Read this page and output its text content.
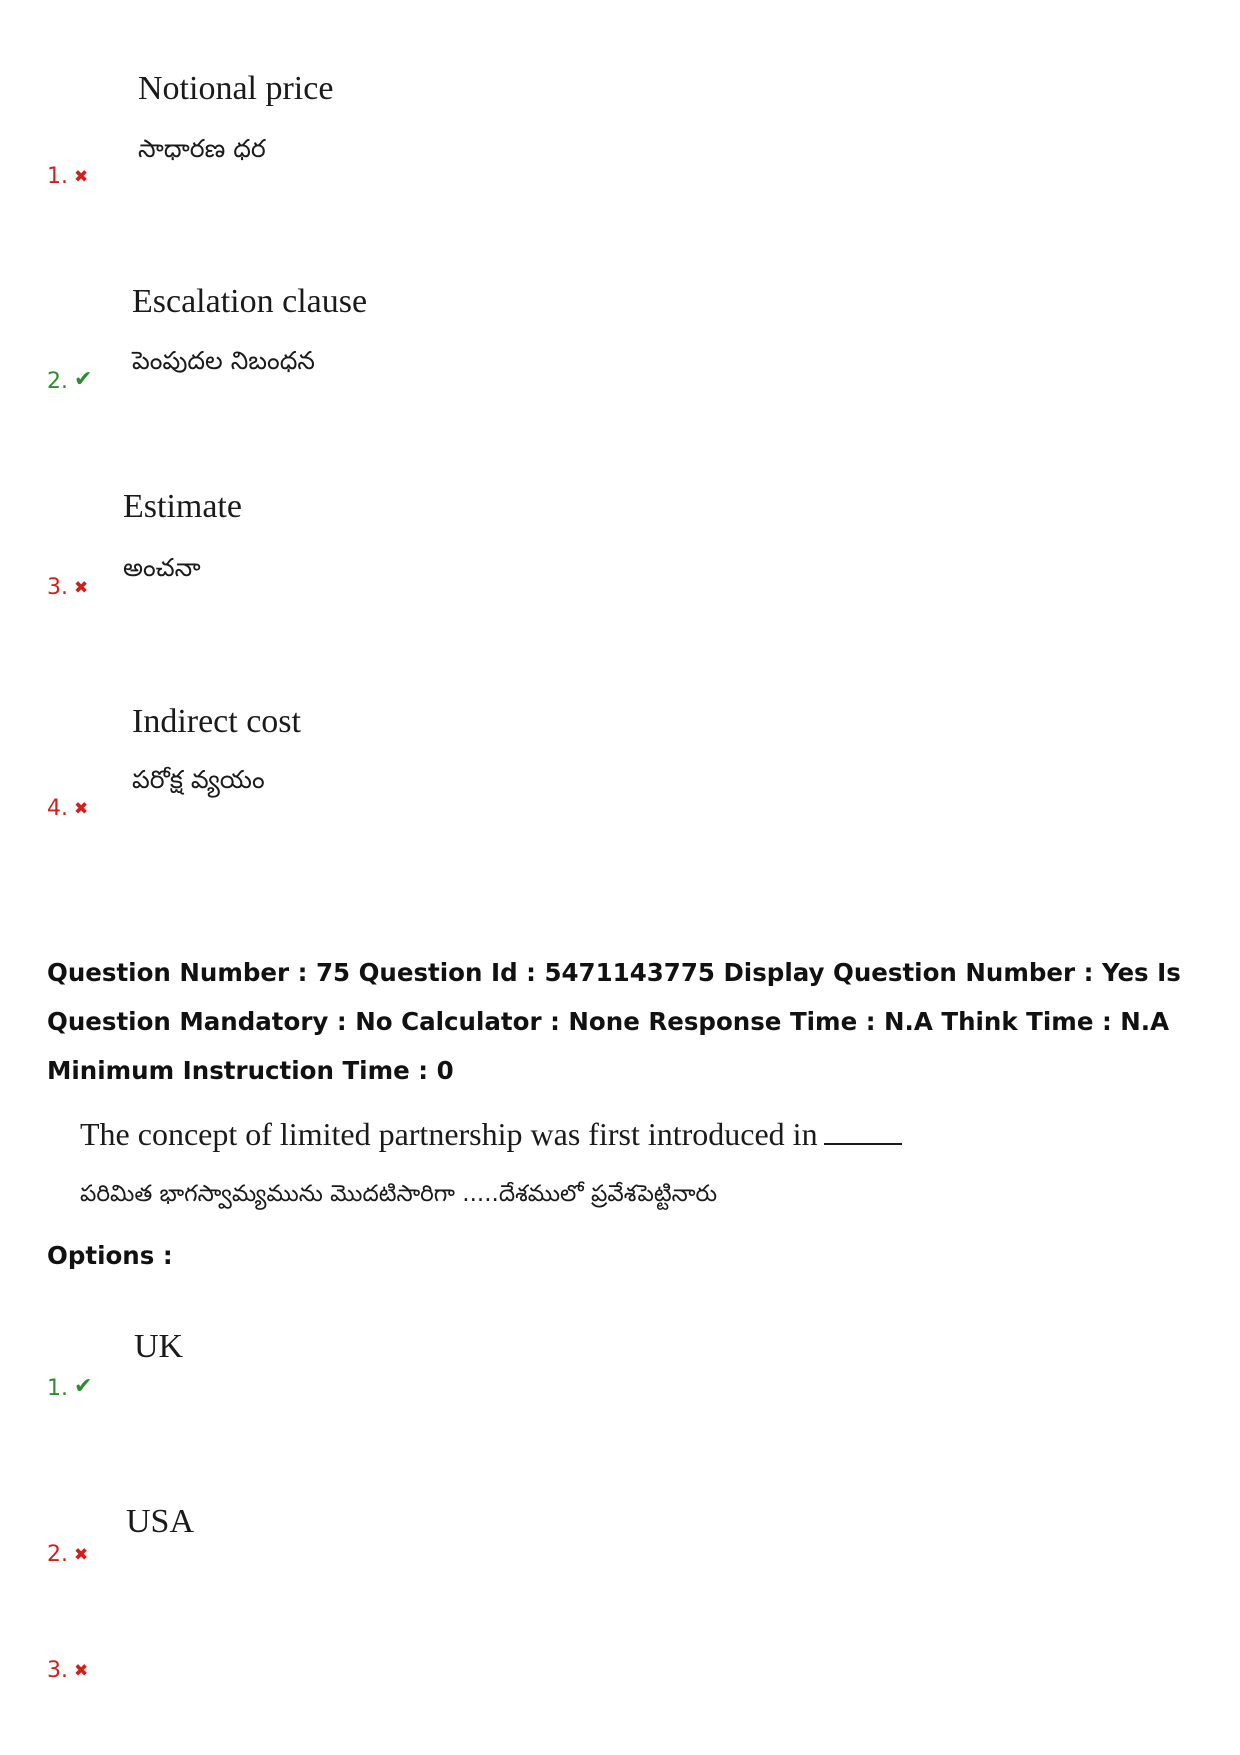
Notional price
సాధారణ ధర
1. ✖
Escalation clause
పెంపుదల నిబంధన
2. ✔
Estimate
అంచనా
3. ✖
Indirect cost
పరోక్ష వ్యయం
4. ✖
Question Number : 75 Question Id : 5471143775 Display Question Number : Yes Is Question Mandatory : No Calculator : None Response Time : N.A Think Time : N.A Minimum Instruction Time : 0
The concept of limited partnership was first introduced in
పరిమిత భాగస్వామ్యమును మొదటిసారిగా .....దేశములో ప్రవేశపెట్టినారు
Options :
UK
1. ✔
USA
2. ✖
3. ✖
